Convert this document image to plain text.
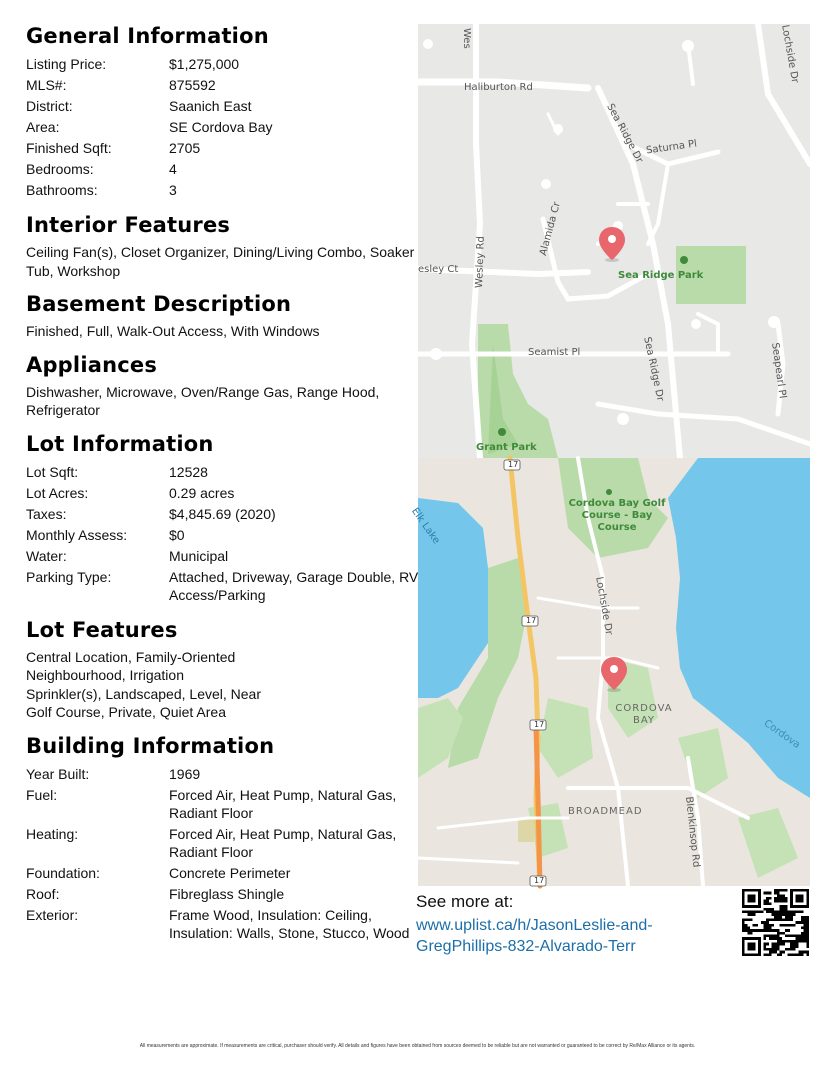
General Information
Listing Price:	$1,275,000
MLS#:	875592
District:	Saanich East
Area:	SE Cordova Bay
Finished Sqft:	2705
Bedrooms:	4
Bathrooms:	3
Interior Features
Ceiling Fan(s), Closet Organizer, Dining/Living Combo, Soaker Tub, Workshop
Basement Description
Finished, Full, Walk-Out Access, With Windows
Appliances
Dishwasher, Microwave, Oven/Range Gas, Range Hood, Refrigerator
Lot Information
Lot Sqft:	12528
Lot Acres:	0.29 acres
Taxes:	$4,845.69 (2020)
Monthly Assess:	$0
Water:	Municipal
Parking Type:	Attached, Driveway, Garage Double, RV Access/Parking
Lot Features
Central Location, Family-Oriented Neighbourhood, Irrigation Sprinkler(s), Landscaped, Level, Near Golf Course, Private, Quiet Area
Building Information
Year Built:	1969
Fuel:	Forced Air, Heat Pump, Natural Gas, Radiant Floor
Heating:	Forced Air, Heat Pump, Natural Gas, Radiant Floor
Foundation:	Concrete Perimeter
Roof:	Fibreglass Shingle
Exterior:	Frame Wood, Insulation: Ceiling, Insulation: Walls, Stone, Stucco, Wood
Wes	Lochside Dr
Haliburton Rd
Sea Ridge Dr Saturna Pl
Alamida Cr
Wesley Rd
esley Ct
Sea Ridge Park
Seamist Pl	Sea Ridge Dr	Seapearl Pl
Grant Park
17
17
17
17
Elk Lake
Cordova Bay Golf Course - Bay Course
Lochside Dr
CORDOVA BAY	Cordova
BROADMEAD	Blenkinsop Rd
See more at:
www.uplist.ca/h/JasonLeslie-and-GregPhillips-832-Alvarado-Terr
All measurements are approximate. If measurements are critical, purchaser should verify. All details and figures have been obtained from sources deemed to be reliable but are not warranted or guaranteed to be correct by Re/Max Alliance or its agents.
